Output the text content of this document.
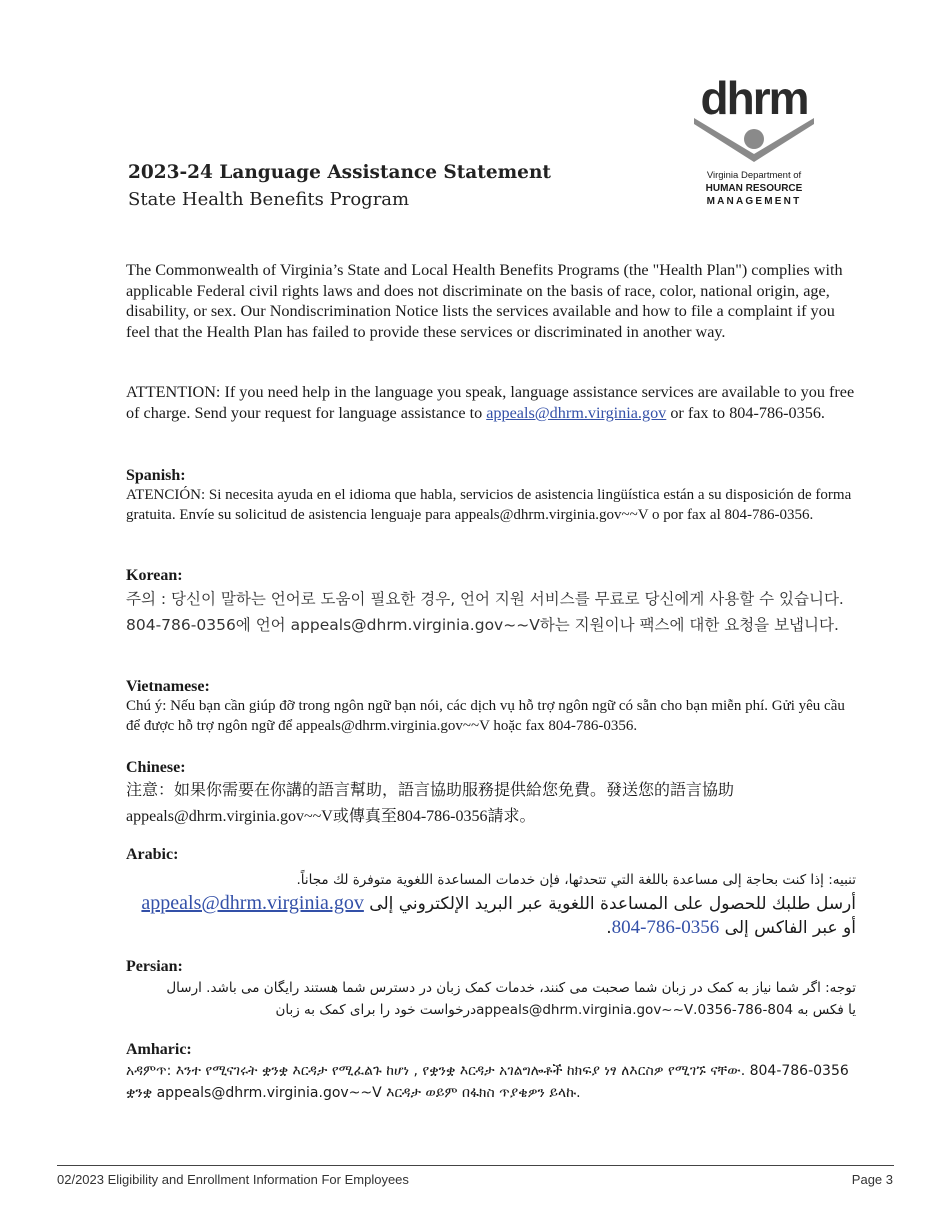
2023-24 Language Assistance Statement
State Health Benefits Program
dhrm
Virginia Department of
HUMAN RESOURCE
MANAGEMENT
The Commonwealth of Virginia’s State and Local Health Benefits Programs (the "Health Plan") complies with applicable Federal civil rights laws and does not discriminate on the basis of race, color, national origin, age, disability, or sex. Our Nondiscrimination Notice lists the services available and how to file a complaint if you feel that the Health Plan has failed to provide these services or discriminated in another way.
ATTENTION: If you need help in the language you speak, language assistance services are available to you free of charge. Send your request for language assistance to appeals@dhrm.virginia.gov or fax to 804-786-0356.
Spanish:
ATENCIÓN: Si necesita ayuda en el idioma que habla, servicios de asistencia lingüística están a su disposición de forma gratuita. Envíe su solicitud de asistencia lenguaje para appeals@dhrm.virginia.gov~~V o por fax al 804-786-0356.
Korean:
주의 : 당신이 말하는 언어로 도움이 필요한 경우, 언어 지원 서비스를 무료로 당신에게 사용할 수 있습니다. 804-786-0356에 언어 appeals@dhrm.virginia.gov~~V하는 지원이나 팩스에 대한 요청을 보냅니다.
Vietnamese:
Chú ý: Nếu bạn cần giúp đỡ trong ngôn ngữ bạn nói, các dịch vụ hỗ trợ ngôn ngữ có sẵn cho bạn miễn phí. Gửi yêu cầu để được hỗ trợ ngôn ngữ để appeals@dhrm.virginia.gov~~V hoặc fax 804-786-0356.
Chinese:
注意：如果你需要在你講的語言幫助，語言協助服務提供給您免費。發送您的語言協助 appeals@dhrm.virginia.gov~~V或傳真至804-786-0356請求。
Arabic:
تنبيه: إذا كنت بحاجة إلى مساعدة باللغة التي تتحدثها، فإن خدمات المساعدة اللغوية متوفرة لك مجاناً.
أرسل طلبك للحصول على المساعدة اللغوية عبر البريد الإلكتروني إلى appeals@dhrm.virginia.gov
أو عبر الفاكس إلى 804-786-0356.
Persian:
توجه: اگر شما نیاز به کمک در زبان شما صحبت می کنند، خدمات کمک زبان در دسترس شما هستند رایگان می باشد. ارسال
یا فکس به 804-786-0356.appeals@dhrm.virginia.gov~~Vدرخواست خود را برای کمک به زبان
Amharic:
አዳምጥ: እንተ የሚናገሩት ቋንቋ እርዳታ የሚፈልጉ ከሆነ , የቋንቋ እርዳታ አገልግሎቶች ከክፍያ ነፃ ለእርስዎ የሚገኙ ናቸው. 804-786-0356 ቋንቋ appeals@dhrm.virginia.gov~~V እርዳታ ወይም በፋክስ ጥያቄዎን ይላኩ.
02/2023 Eligibility and Enrollment Information For Employees	Page 3
